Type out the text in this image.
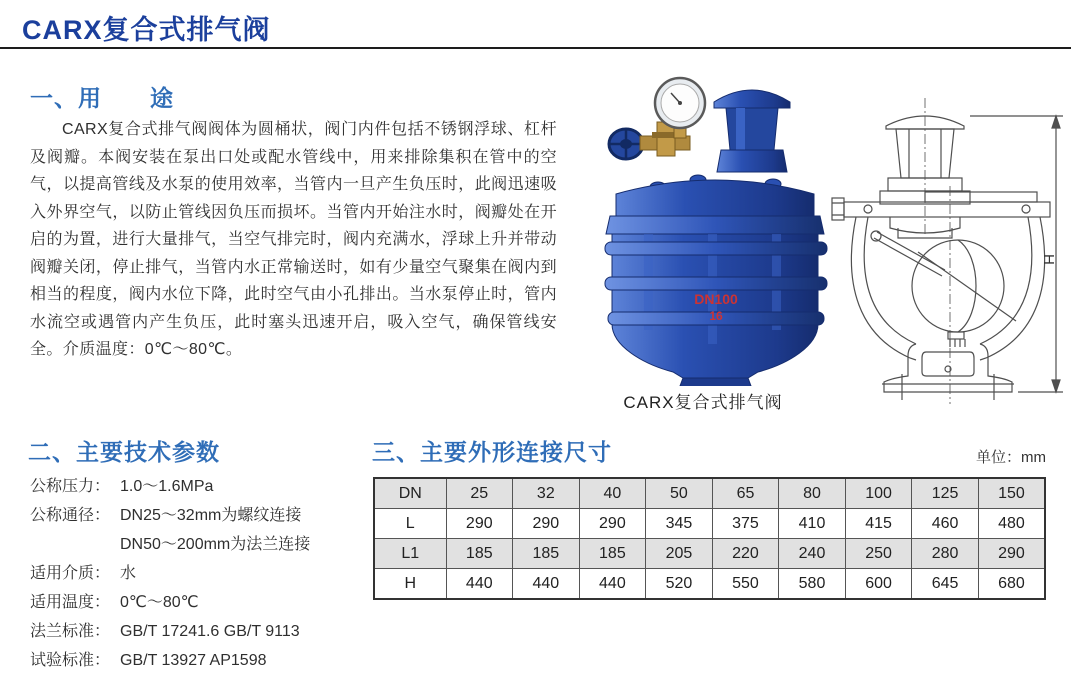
CARX复合式排气阀
一、用　　途

CARX复合式排气阀阀体为圆桶状，阀门内件包括不锈钢浮球、杠杆及阀瓣。本阀安装在泵出口处或配水管线中，用来排除集积在管中的空气，以提高管线及水泵的使用效率，当管内一旦产生负压时，此阀迅速吸入外界空气，以防止管线因负压而损坏。当管内开始注水时，阀瓣处在开启的为置，进行大量排气，当空气排完时，阀内充满水，浮球上升并带动阀瓣关闭，停止排气，当管内水正常输送时，如有少量空气聚集在阀内到相当的程度，阀内水位下降，此时空气由小孔排出。当水泵停止时，管内水流空或遇管内产生负压，此时塞头迅速开启，吸入空气，确保管线安全。介质温度：0℃～80℃。

DN100
16
CARX复合式排气阀
H
二、主要技术参数
公称压力： 1.0～1.6MPa
公称通径： DN25～32mm为螺纹连接
DN50～200mm为法兰连接
适用介质： 水
适用温度： 0℃～80℃
法兰标准： GB/T 17241.6 GB/T 9113
试验标准： GB/T 13927 AP1598
三、主要外形连接尺寸	单位：mm
DN	25	32	40	50	65	80	100	125	150
L	290	290	290	345	375	410	415	460	480
L1	185	185	185	205	220	240	250	280	290
H	440	440	440	520	550	580	600	645	680
